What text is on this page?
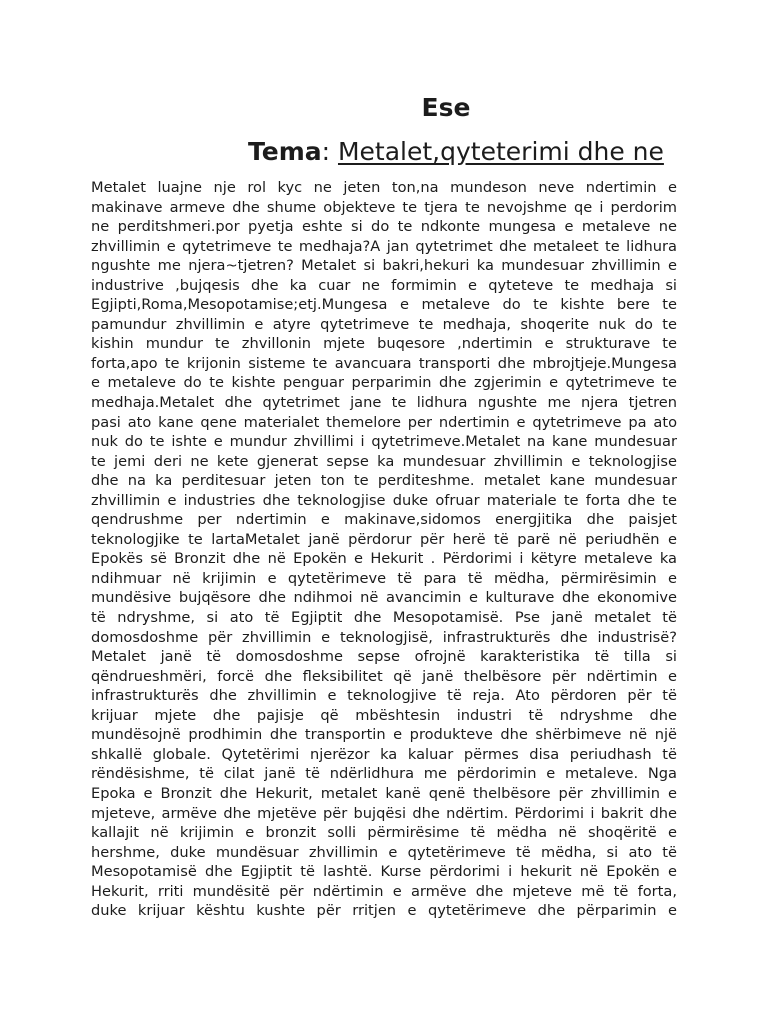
Ese
Tema: Metalet,qyteterimi dhe ne
Metalet luajne nje rol kyc ne jeten ton,na mundeson neve ndertimin e
makinave armeve dhe shume objekteve te tjera te nevojshme qe i perdorim
ne perditshmeri.por pyetja eshte si do te ndkonte mungesa e metaleve ne
zhvillimin e qytetrimeve te medhaja?A jan qytetrimet dhe metaleet te lidhura
ngushte me njera~tjetren? Metalet si bakri,hekuri ka mundesuar zhvillimin e
industrive ,bujqesis dhe ka cuar ne formimin e qyteteve te medhaja si
Egjipti,Roma,Mesopotamise;etj.Mungesa e metaleve do te kishte bere te
pamundur zhvillimin e atyre qytetrimeve te medhaja, shoqerite nuk do te
kishin mundur te zhvillonin mjete buqesore ,ndertimin e strukturave te
forta,apo te krijonin sisteme te avancuara transporti dhe mbrojtjeje.Mungesa
e metaleve do te kishte penguar perparimin dhe zgjerimin e qytetrimeve te
medhaja.Metalet dhe qytetrimet jane te lidhura ngushte me njera tjetren
pasi ato kane qene materialet themelore per ndertimin e qytetrimeve pa ato
nuk do te ishte e mundur zhvillimi i qytetrimeve.Metalet na kane mundesuar
te jemi deri ne kete gjenerat sepse ka mundesuar zhvillimin e teknologjise
dhe na ka perditesuar jeten ton te perditeshme. metalet kane mundesuar
zhvillimin e industries dhe teknologjise duke ofruar materiale te forta dhe te
qendrushme per ndertimin e makinave,sidomos energjitika dhe paisjet
teknologjike te lartaMetalet janë përdorur për herë të parë në periudhën e
Epokës së Bronzit dhe në Epokën e Hekurit . Përdorimi i këtyre metaleve ka
ndihmuar në krijimin e qytetërimeve të para të mëdha, përmirësimin e
mundësive bujqësore dhe ndihmoi në avancimin e kulturave dhe ekonomive
të ndryshme, si ato të Egjiptit dhe Mesopotamisë. Pse janë metalet të
domosdoshme për zhvillimin e teknologjisë, infrastrukturës dhe industrisë?
Metalet janë të domosdoshme sepse ofrojnë karakteristika të tilla si
qëndrueshmëri, forcë dhe fleksibilitet që janë thelbësore për ndërtimin e
infrastrukturës dhe zhvillimin e teknologjive të reja. Ato përdoren për të
krijuar mjete dhe pajisje që mbështesin industri të ndryshme dhe
mundësojnë prodhimin dhe transportin e produkteve dhe shërbimeve në një
shkallë globale. Qytetërimi njerëzor ka kaluar përmes disa periudhash të
rëndësishme, të cilat janë të ndërlidhura me përdorimin e metaleve. Nga
Epoka e Bronzit dhe Hekurit, metalet kanë qenë thelbësore për zhvillimin e
mjeteve, armëve dhe mjetëve për bujqësi dhe ndërtim. Përdorimi i bakrit dhe
kallajit në krijimin e bronzit solli përmirësime të mëdha në shoqëritë e
hershme, duke mundësuar zhvillimin e qytetërimeve të mëdha, si ato të
Mesopotamisë dhe Egjiptit të lashtë. Kurse përdorimi i hekurit në Epokën e
Hekurit, rriti mundësitë për ndërtimin e armëve dhe mjeteve më të forta,
duke krijuar kështu kushte për rritjen e qytetërimeve dhe përparimin e
